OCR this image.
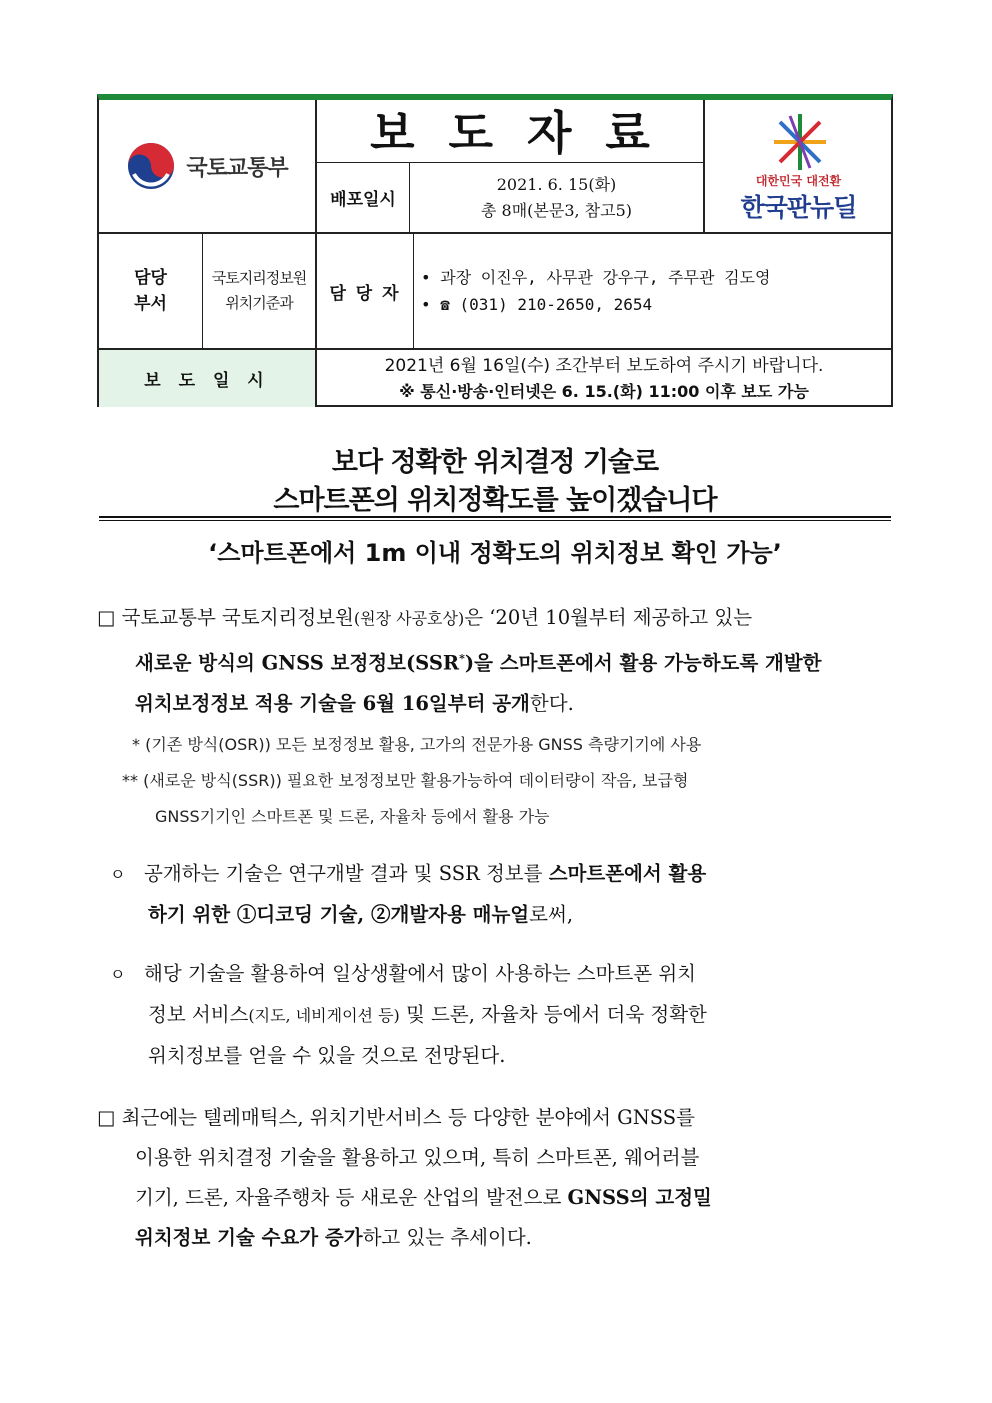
국토교통부
보도자료
배포일시
2021. 6. 15(화)
총 8매(본문3, 참고5)
대한민국 대전환
한국판뉴딜
담당
부서
국토지리정보원
위치기준과	담 당 자
• 과장 이진우, 사무관 강우구, 주무관 김도영
• ☎ (031) 210-2650, 2654
보 도 일 시
2021년 6월 16일(수) 조간부터 보도하여 주시기 바랍니다.
※ 통신·방송·인터넷은 6. 15.(화) 11:00 이후 보도 가능
보다 정확한 위치결정 기술로
스마트폰의 위치정확도를 높이겠습니다
‘스마트폰에서 1m 이내 정확도의 위치정보 확인 가능’
□ 국토교통부 국토지리정보원(원장 사공호상)은 ‘20년 10월부터 제공하고 있는
새로운 방식의 GNSS 보정정보(SSR*)을 스마트폰에서 활용 가능하도록 개발한
위치보정정보 적용 기술을 6월 16일부터 공개한다.
* (기존 방식(OSR)) 모든 보정정보 활용, 고가의 전문가용 GNSS 측량기기에 사용
** (새로운 방식(SSR)) 필요한 보정정보만 활용가능하여 데이터량이 작음, 보급형
GNSS기기인 스마트폰 및 드론, 자율차 등에서 활용 가능
ㅇ 공개하는 기술은 연구개발 결과 및 SSR 정보를 스마트폰에서 활용
하기 위한 ①디코딩 기술, ②개발자용 매뉴얼로써,
ㅇ 해당 기술을 활용하여 일상생활에서 많이 사용하는 스마트폰 위치
정보 서비스(지도, 네비게이션 등) 및 드론, 자율차 등에서 더욱 정확한
위치정보를 얻을 수 있을 것으로 전망된다.
□ 최근에는 텔레매틱스, 위치기반서비스 등 다양한 분야에서 GNSS를
이용한 위치결정 기술을 활용하고 있으며, 특히 스마트폰, 웨어러블
기기, 드론, 자율주행차 등 새로운 산업의 발전으로 GNSS의 고정밀
위치정보 기술 수요가 증가하고 있는 추세이다.
